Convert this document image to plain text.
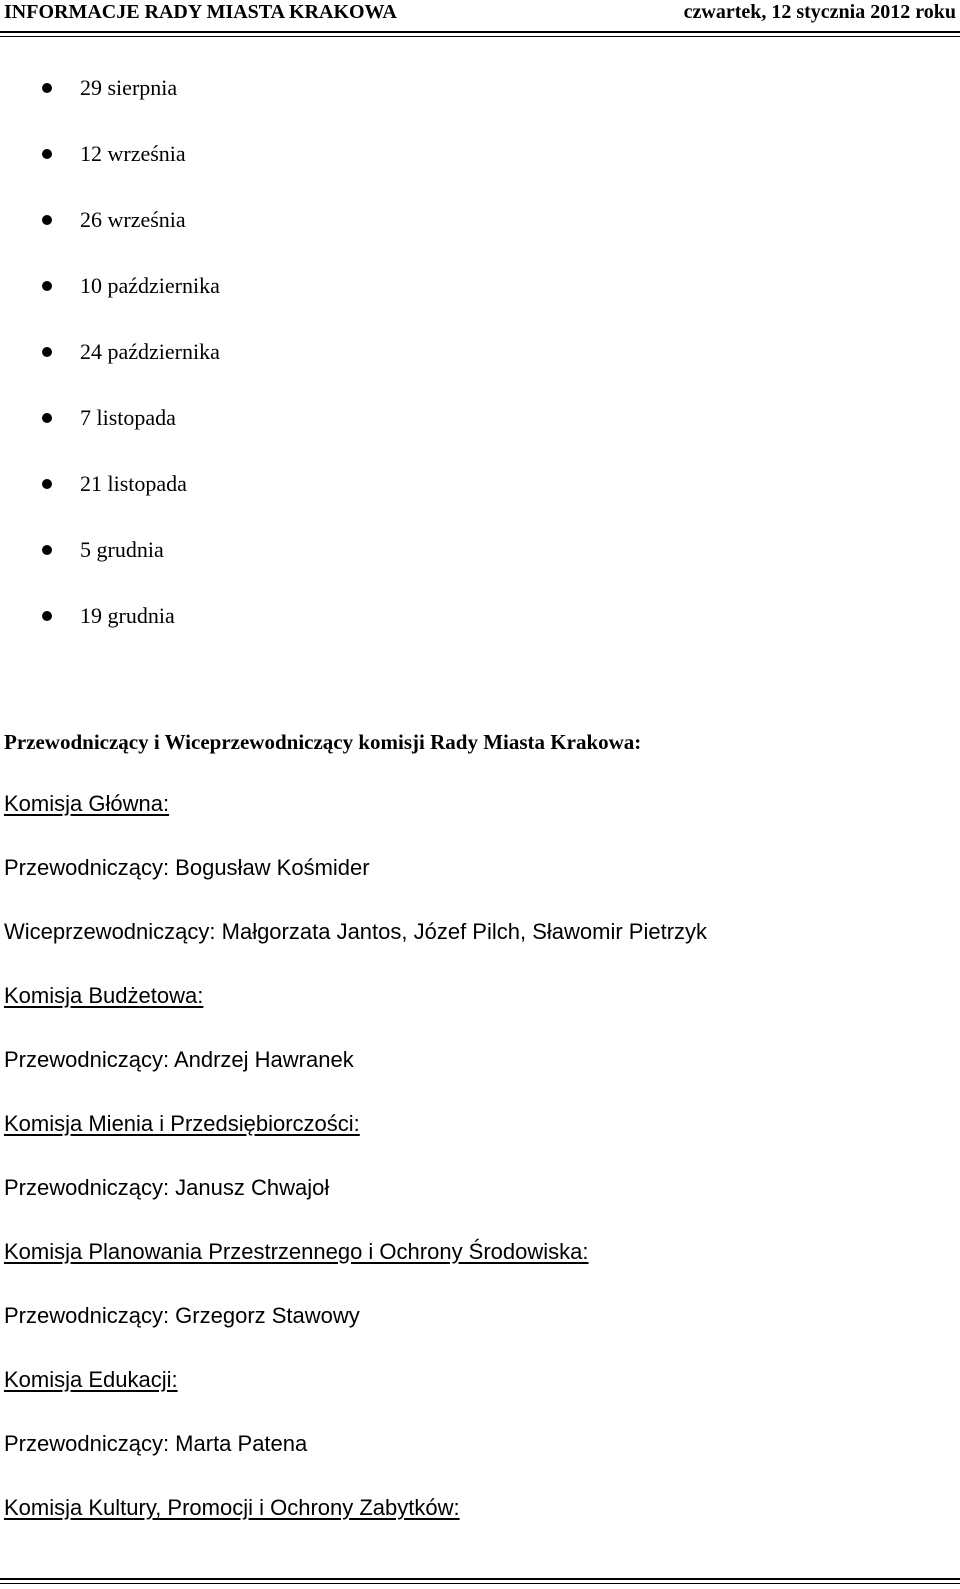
INFORMACJE RADY MIASTA KRAKOWA	czwartek, 12 stycznia 2012 roku
29 sierpnia
12 września
26 września
10 października
24 października
7 listopada
21 listopada
5 grudnia
19 grudnia
Przewodniczący i Wiceprzewodniczący komisji Rady Miasta Krakowa:
Komisja Główna:
Przewodniczący: Bogusław Kośmider
Wiceprzewodniczący: Małgorzata Jantos, Józef Pilch, Sławomir Pietrzyk
Komisja Budżetowa:
Przewodniczący: Andrzej Hawranek
Komisja Mienia i Przedsiębiorczości:
Przewodniczący: Janusz Chwajoł
Komisja Planowania Przestrzennego i Ochrony Środowiska:
Przewodniczący: Grzegorz Stawowy
Komisja Edukacji:
Przewodniczący: Marta Patena
Komisja Kultury, Promocji i Ochrony Zabytków:
